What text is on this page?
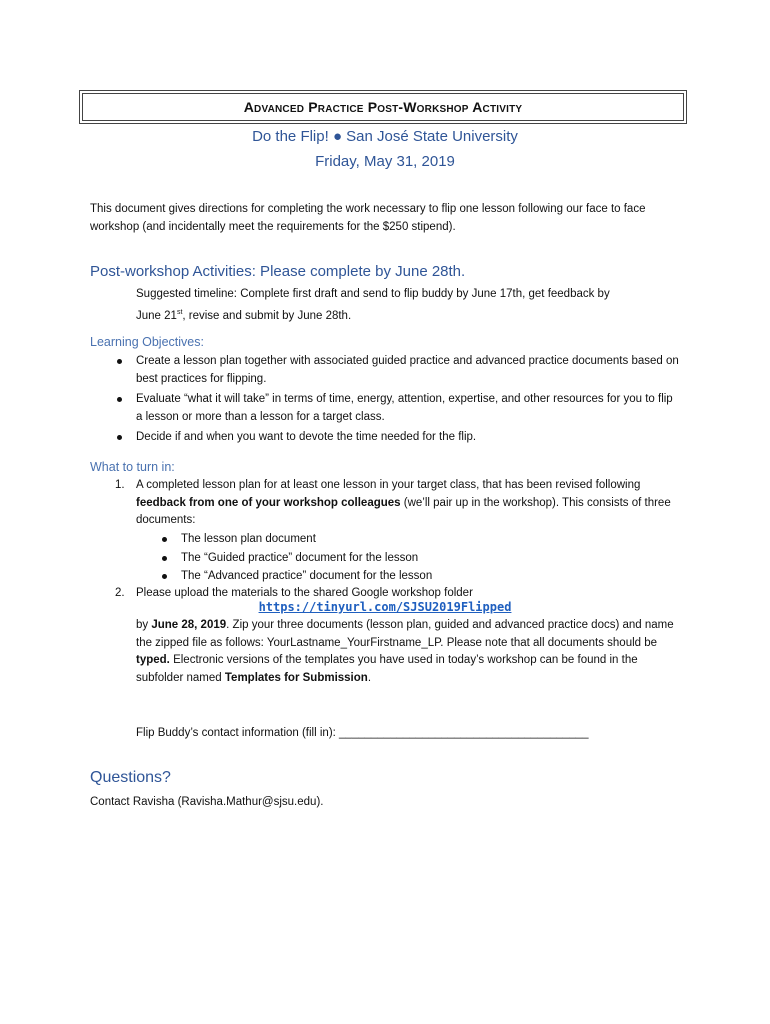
Advanced Practice Post-Workshop Activity
Do the Flip! ● San José State University
Friday, May 31, 2019
This document gives directions for completing the work necessary to flip one lesson following our face to face workshop (and incidentally meet the requirements for the $250 stipend).
Post-workshop Activities: Please complete by June 28th.
Suggested timeline: Complete first draft and send to flip buddy by June 17th, get feedback by
June 21st, revise and submit by June 28th.
Learning Objectives:
Create a lesson plan together with associated guided practice and advanced practice documents based on best practices for flipping.
Evaluate “what it will take” in terms of time, energy, attention, expertise, and other resources for you to flip a lesson or more than a lesson for a target class.
Decide if and when you want to devote the time needed for the flip.
What to turn in:
1. A completed lesson plan for at least one lesson in your target class, that has been revised following feedback from one of your workshop colleagues (we’ll pair up in the workshop). This consists of three documents:
The lesson plan document
The “Guided practice” document for the lesson
The “Advanced practice” document for the lesson
2. Please upload the materials to the shared Google workshop folder
https://tinyurl.com/SJSU2019Flipped
by June 28, 2019. Zip your three documents (lesson plan, guided and advanced practice docs) and name the zipped file as follows: YourLastname_YourFirstname_LP. Please note that all documents should be typed. Electronic versions of the templates you have used in today’s workshop can be found in the subfolder named Templates for Submission.
Flip Buddy’s contact information (fill in): _______________________________________
Questions?
Contact Ravisha (Ravisha.Mathur@sjsu.edu).
